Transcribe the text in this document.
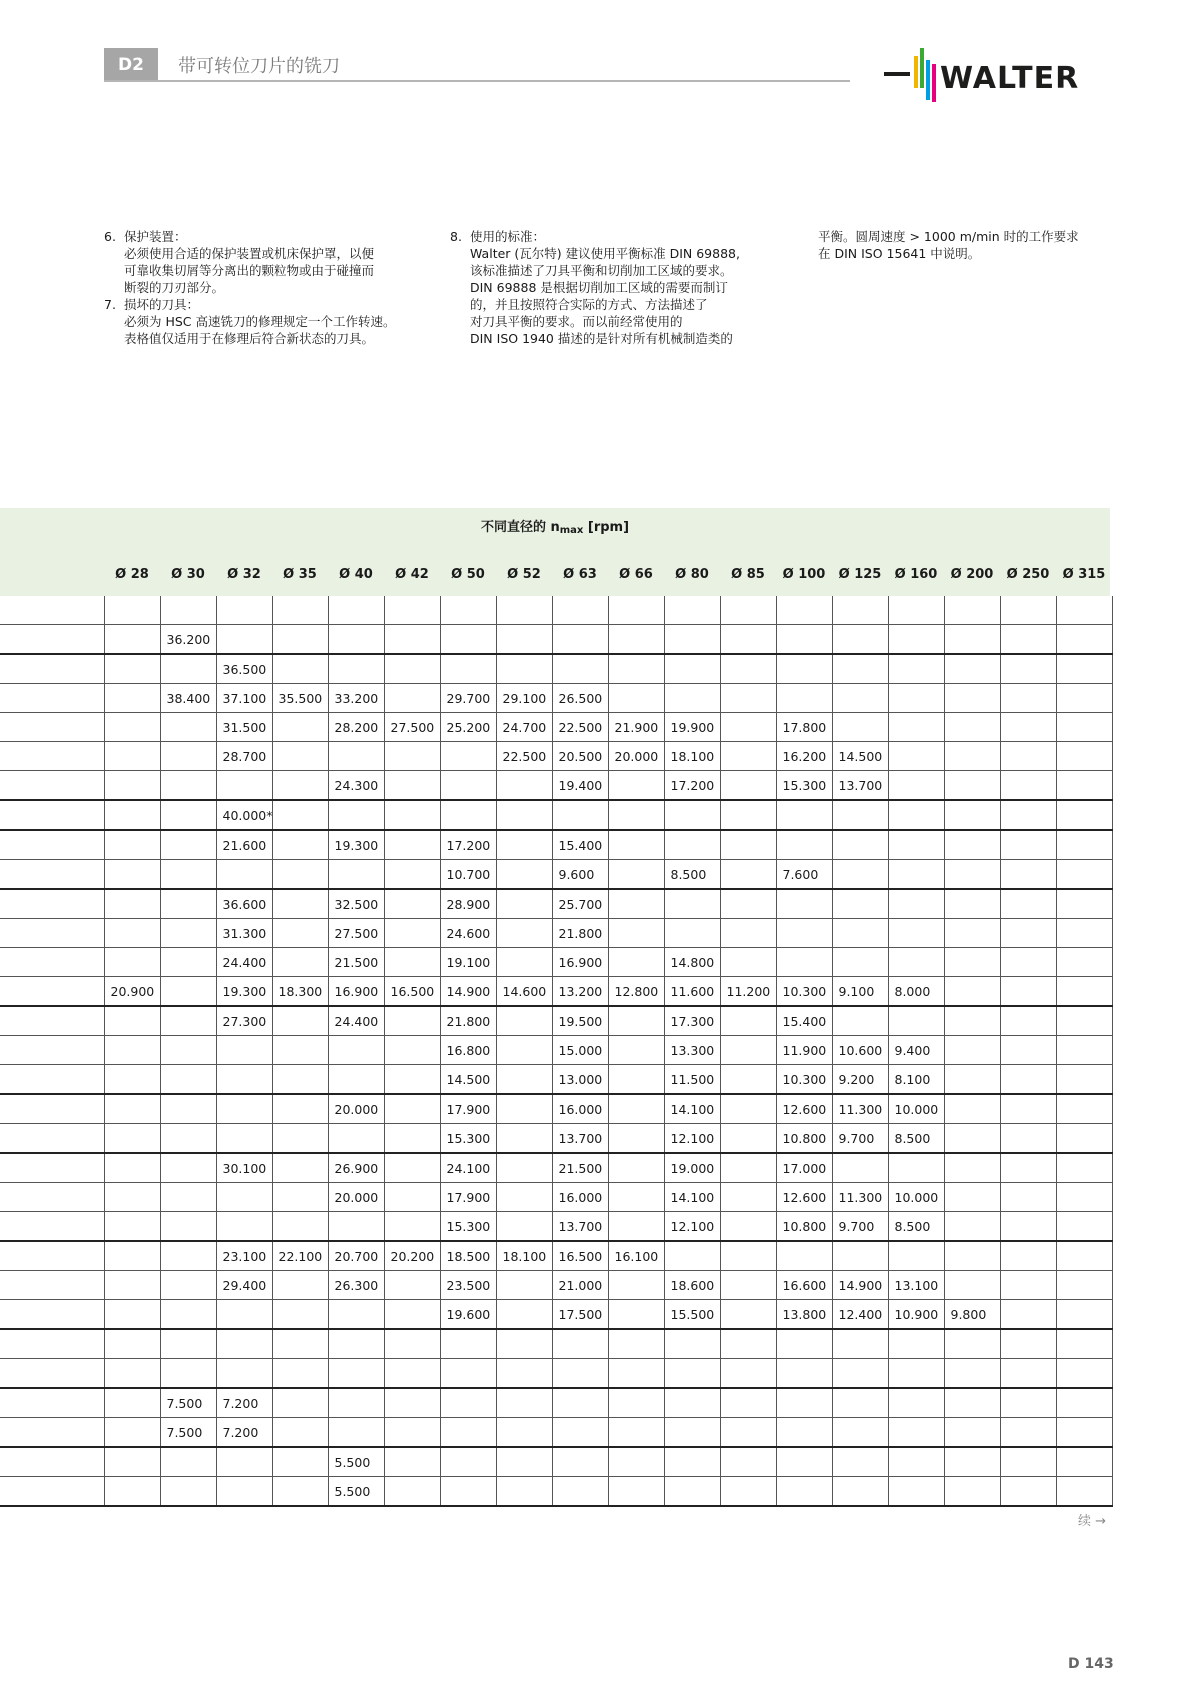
D2	带可转位刀片的铣刀	WALTER
6. 保护装置：
必须使用合适的保护装置或机床保护罩，以便
可靠收集切屑等分离出的颗粒物或由于碰撞而
断裂的刀刃部分。
7. 损坏的刀具：
必须为 HSC 高速铣刀的修理规定一个工作转速。
表格值仅适用于在修理后符合新状态的刀具。
8. 使用的标准：
Walter (瓦尔特) 建议使用平衡标准 DIN 69888,
该标准描述了刀具平衡和切削加工区域的要求。
DIN 69888 是根据切削加工区域的需要而制订
的，并且按照符合实际的方式、方法描述了
对刀具平衡的要求。而以前经常使用的
DIN ISO 1940 描述的是针对所有机械制造类的
平衡。圆周速度 > 1000 m/min 时的工作要求
在 DIN ISO 15641 中说明。
不同直径的 $n_{max}$ [rpm]
	Ø 28	Ø 30	Ø 32	Ø 35	Ø 40	Ø 42	Ø 50	Ø 52	Ø 63	Ø 66	Ø 80	Ø 85	Ø 100	Ø 125	Ø 160	Ø 200	Ø 250	Ø 315

		36.200																
			36.500															
		38.400	37.100	35.500	33.200		29.700	29.100	26.500									
			31.500		28.200	27.500	25.200	24.700	22.500	21.900	19.900		17.800					
			28.700					22.500	20.500	20.000	18.100		16.200	14.500				
					24.300				19.400		17.200		15.300	13.700				
			40.000*															
			21.600		19.300		17.200		15.400									
							10.700		9.600		8.500		7.600					
			36.600		32.500		28.900		25.700									
			31.300		27.500		24.600		21.800									
			24.400		21.500		19.100		16.900		14.800							
	20.900		19.300	18.300	16.900	16.500	14.900	14.600	13.200	12.800	11.600	11.200	10.300	9.100	8.000			
			27.300		24.400		21.800		19.500		17.300		15.400					
							16.800		15.000		13.300		11.900	10.600	9.400			
							14.500		13.000		11.500		10.300	9.200	8.100			
					20.000		17.900		16.000		14.100		12.600	11.300	10.000			
							15.300		13.700		12.100		10.800	9.700	8.500			
			30.100		26.900		24.100		21.500		19.000		17.000					
					20.000		17.900		16.000		14.100		12.600	11.300	10.000			
							15.300		13.700		12.100		10.800	9.700	8.500			
			23.100	22.100	20.700	20.200	18.500	18.100	16.500	16.100								
			29.400		26.300		23.500		21.000		18.600		16.600	14.900	13.100			
							19.600		17.500		15.500		13.800	12.400	10.900	9.800		

		7.500	7.200															
		7.500	7.200															
					5.500													
					5.500													
续 →
D 143
